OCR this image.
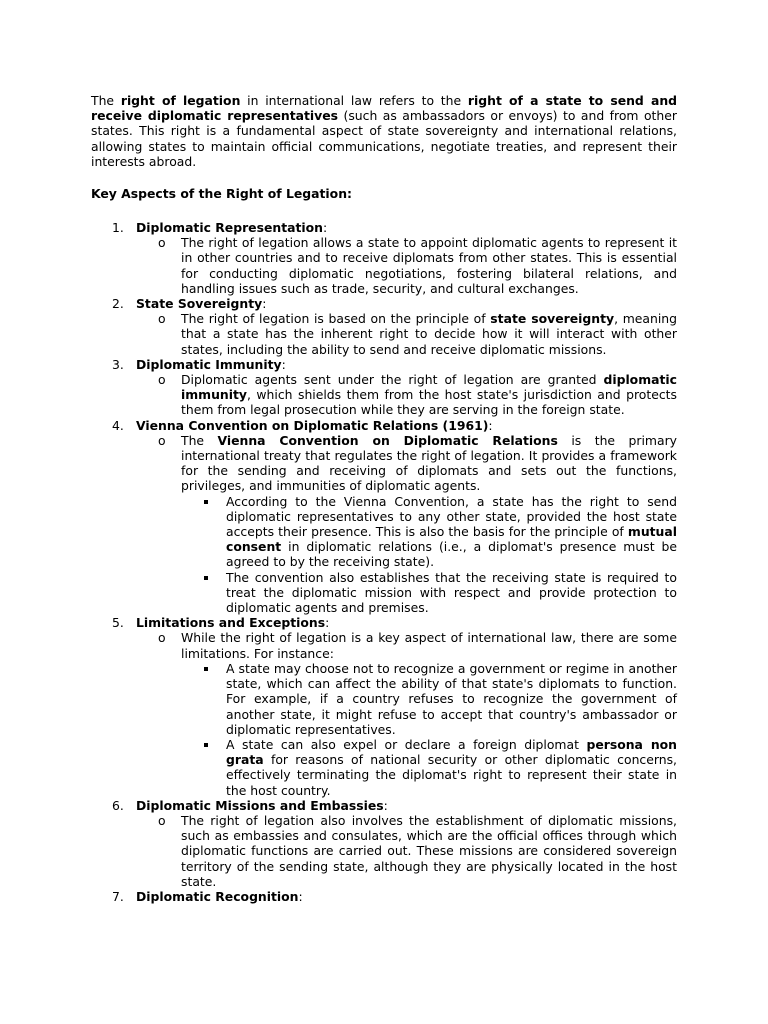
The right of legation in international law refers to the right of a state to send and receive diplomatic representatives (such as ambassadors or envoys) to and from other states. This right is a fundamental aspect of state sovereignty and international relations, allowing states to maintain official communications, negotiate treaties, and represent their interests abroad.

Key Aspects of the Right of Legation:

1. Diplomatic Representation:
o The right of legation allows a state to appoint diplomatic agents to represent it in other countries and to receive diplomats from other states. This is essential for conducting diplomatic negotiations, fostering bilateral relations, and handling issues such as trade, security, and cultural exchanges.
2. State Sovereignty:
o The right of legation is based on the principle of state sovereignty, meaning that a state has the inherent right to decide how it will interact with other states, including the ability to send and receive diplomatic missions.
3. Diplomatic Immunity:
o Diplomatic agents sent under the right of legation are granted diplomatic immunity, which shields them from the host state's jurisdiction and protects them from legal prosecution while they are serving in the foreign state.
4. Vienna Convention on Diplomatic Relations (1961):
o The Vienna Convention on Diplomatic Relations is the primary international treaty that regulates the right of legation. It provides a framework for the sending and receiving of diplomats and sets out the functions, privileges, and immunities of diplomatic agents.
According to the Vienna Convention, a state has the right to send diplomatic representatives to any other state, provided the host state accepts their presence. This is also the basis for the principle of mutual consent in diplomatic relations (i.e., a diplomat's presence must be agreed to by the receiving state).
The convention also establishes that the receiving state is required to treat the diplomatic mission with respect and provide protection to diplomatic agents and premises.
5. Limitations and Exceptions:
o While the right of legation is a key aspect of international law, there are some limitations. For instance:
A state may choose not to recognize a government or regime in another state, which can affect the ability of that state's diplomats to function. For example, if a country refuses to recognize the government of another state, it might refuse to accept that country's ambassador or diplomatic representatives.
A state can also expel or declare a foreign diplomat persona non grata for reasons of national security or other diplomatic concerns, effectively terminating the diplomat's right to represent their state in the host country.
6. Diplomatic Missions and Embassies:
o The right of legation also involves the establishment of diplomatic missions, such as embassies and consulates, which are the official offices through which diplomatic functions are carried out. These missions are considered sovereign territory of the sending state, although they are physically located in the host state.
7. Diplomatic Recognition:
